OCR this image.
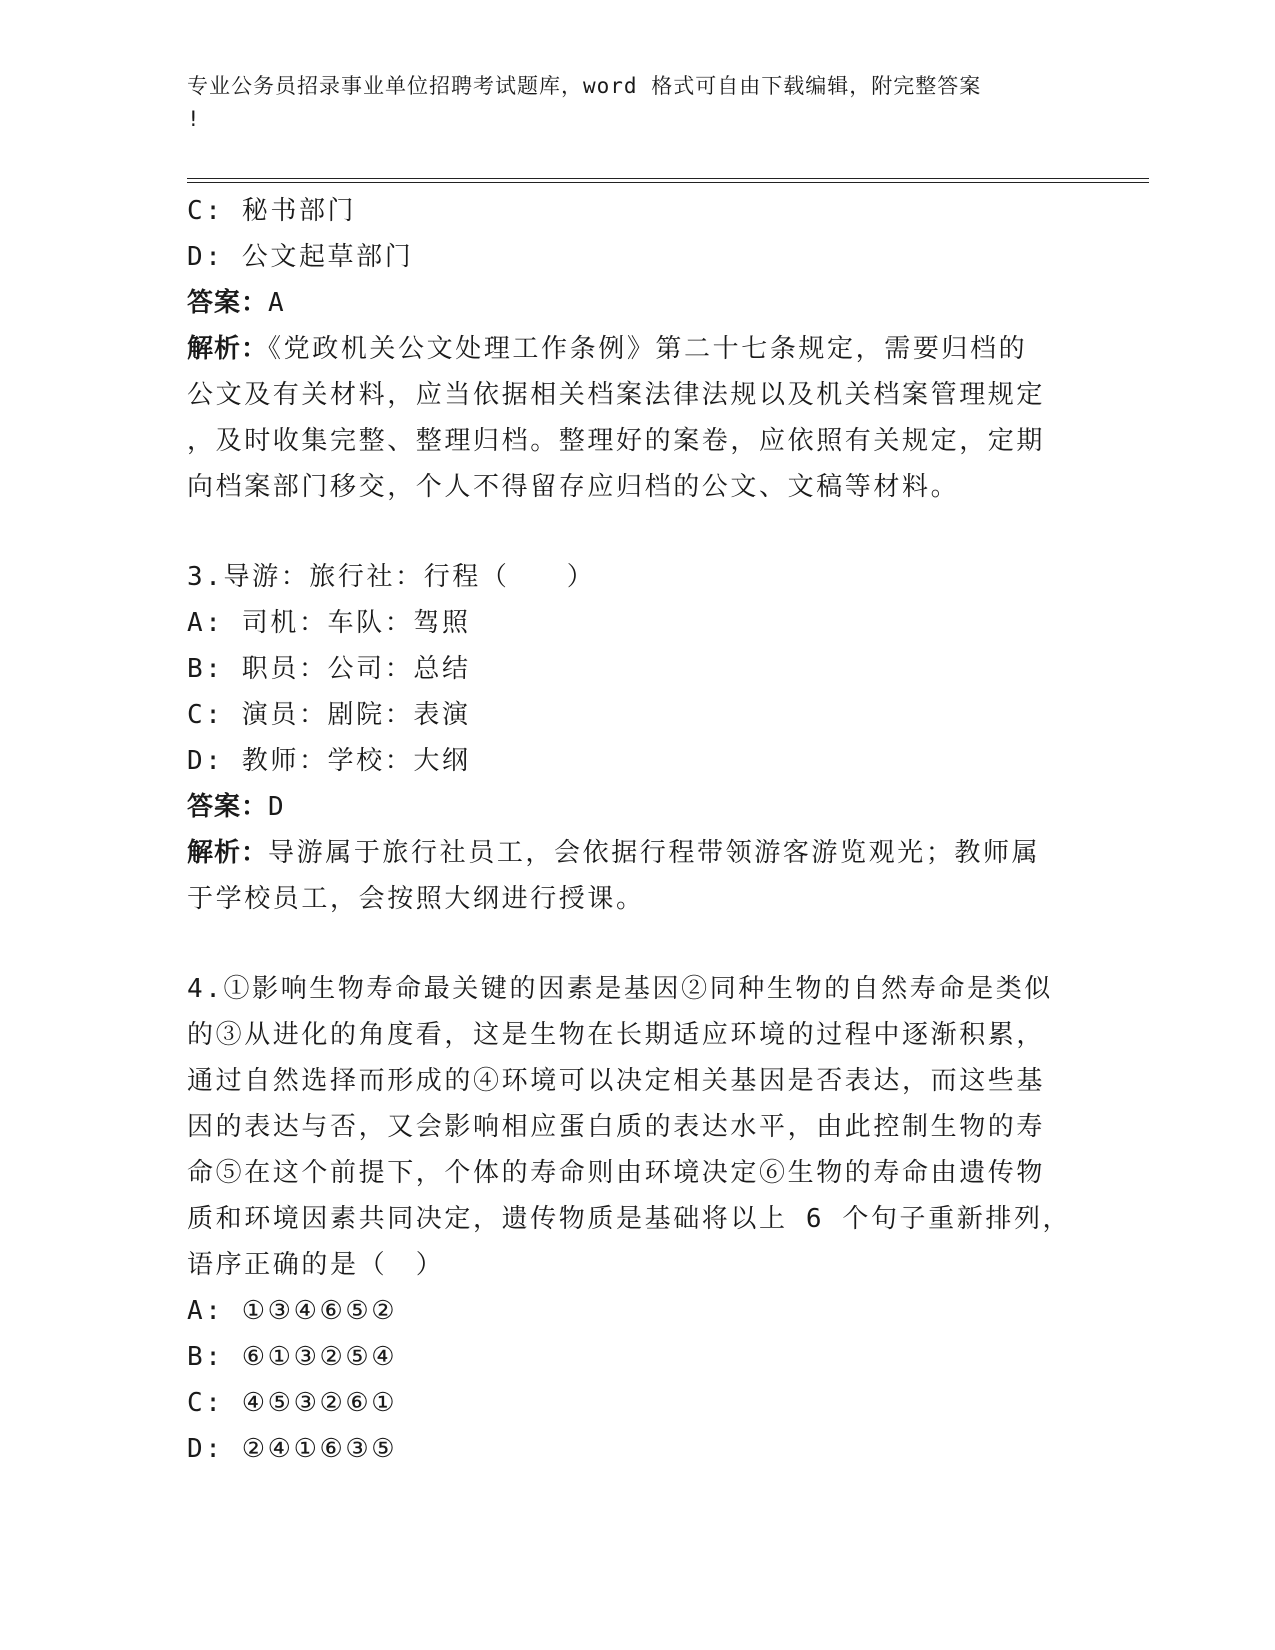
专业公务员招录事业单位招聘考试题库，word 格式可自由下载编辑，附完整答案
!
C: 秘书部门
D: 公文起草部门
答案：A
解析：《党政机关公文处理工作条例》第二十七条规定，需要归档的
公文及有关材料，应当依据相关档案法律法规以及机关档案管理规定
，及时收集完整、整理归档。整理好的案卷，应依照有关规定，定期
向档案部门移交，个人不得留存应归档的公文、文稿等材料。
3.导游：旅行社：行程（　　）
A: 司机：车队：驾照
B: 职员：公司：总结
C: 演员：剧院：表演
D: 教师：学校：大纲
答案：D
解析：导游属于旅行社员工，会依据行程带领游客游览观光；教师属
于学校员工，会按照大纲进行授课。
4.①影响生物寿命最关键的因素是基因②同种生物的自然寿命是类似
的③从进化的角度看，这是生物在长期适应环境的过程中逐渐积累，
通过自然选择而形成的④环境可以决定相关基因是否表达，而这些基
因的表达与否，又会影响相应蛋白质的表达水平，由此控制生物的寿
命⑤在这个前提下，个体的寿命则由环境决定⑥生物的寿命由遗传物
质和环境因素共同决定，遗传物质是基础将以上 6 个句子重新排列，
语序正确的是（　）
A: ①③④⑥⑤②
B: ⑥①③②⑤④
C: ④⑤③②⑥①
D: ②④①⑥③⑤
